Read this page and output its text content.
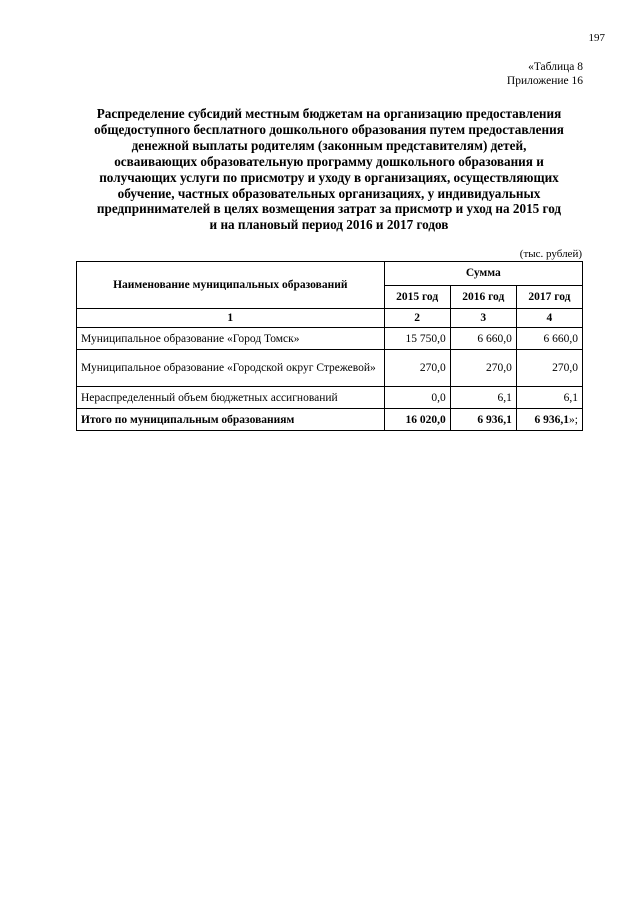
197
«Таблица 8
Приложение 16
Распределение субсидий местным бюджетам на организацию предоставления
общедоступного бесплатного дошкольного образования путем предоставления
денежной выплаты родителям (законным представителям) детей,
осваивающих образовательную программу дошкольного образования и
получающих услуги по присмотру и уходу в организациях, осуществляющих
обучение, частных образовательных организациях, у индивидуальных
предпринимателей в целях возмещения затрат за присмотр и уход на 2015 год
и на плановый период 2016 и 2017 годов
(тыс. рублей)
Наименование муниципальных образований	Сумма		
	2015 год	2016 год	2017 год
1	2	3	4
Муниципальное образование «Город Томск»	15 750,0	6 660,0	6 660,0
Муниципальное образование «Городской округ Стрежевой»	270,0	270,0	270,0
Нераспределенный объем бюджетных ассигнований	0,0	6,1	6,1
Итого по муниципальным образованиям	16 020,0	6 936,1	6 936,1»;
